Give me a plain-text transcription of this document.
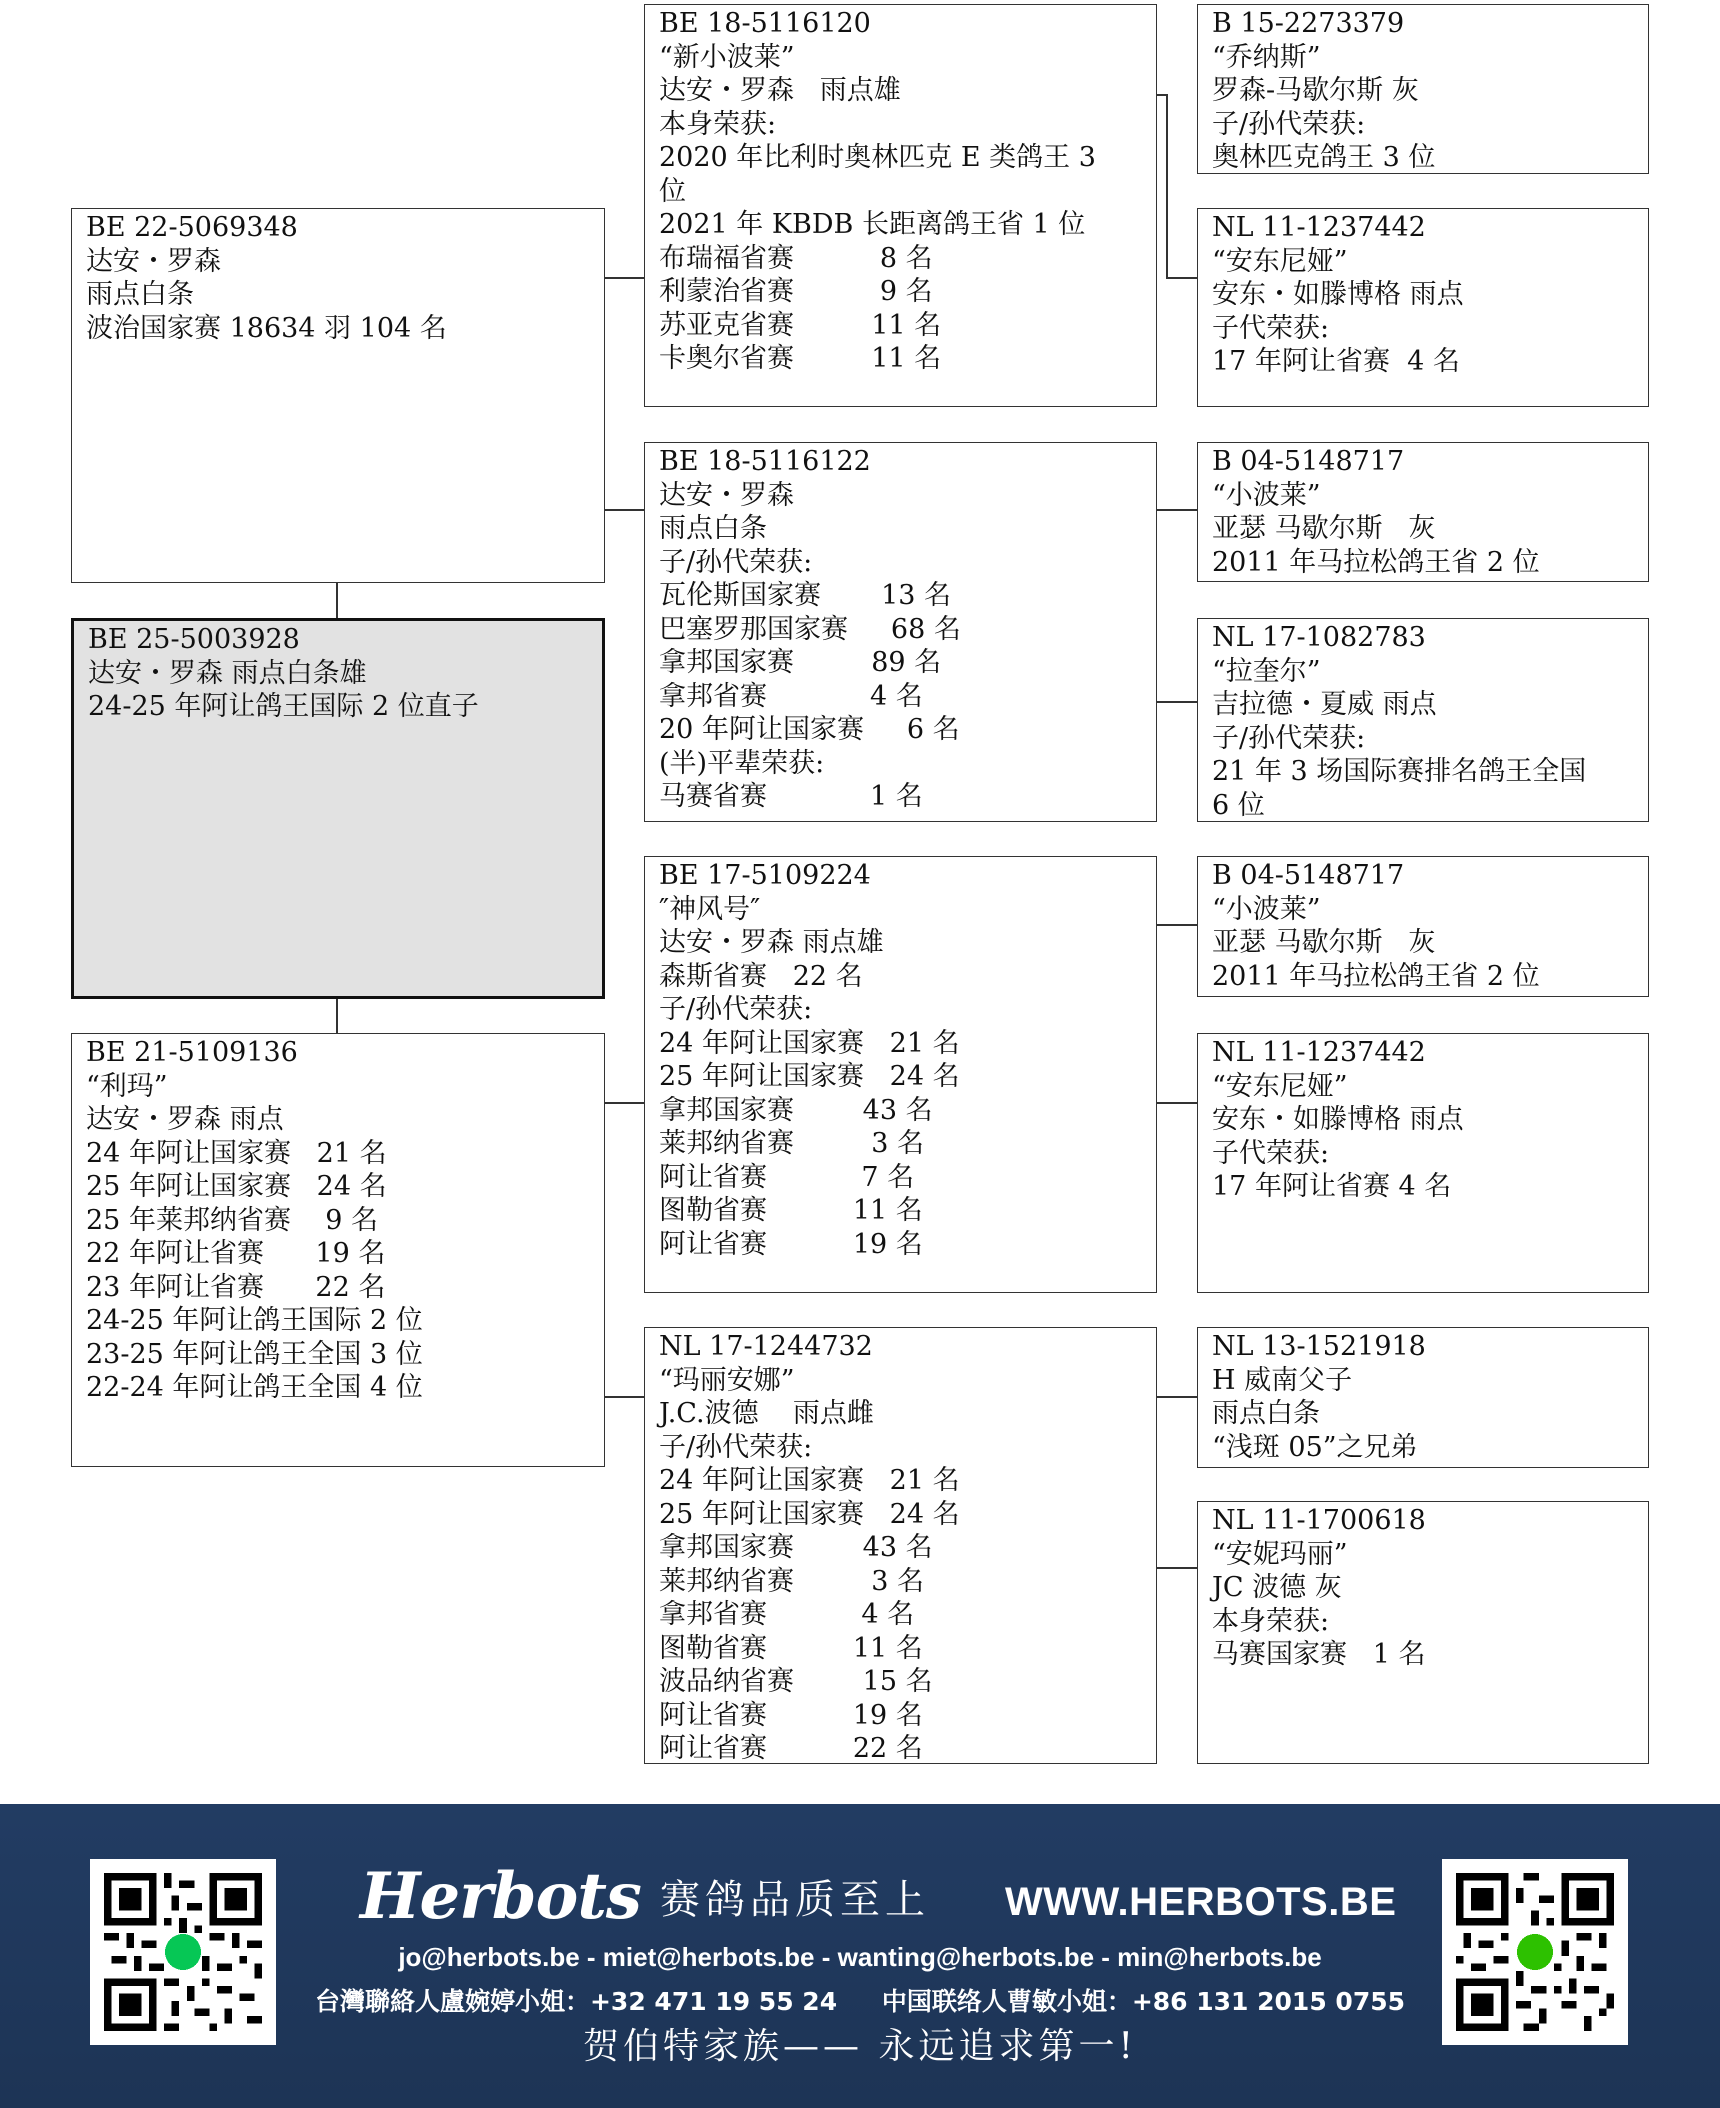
BE 22-5069348
达安・罗森
雨点白条
波治国家赛 18634 羽 104 名
BE 25-5003928
达安・罗森 雨点白条雄
24-25 年阿让鸽王国际 2 位直子
BE 21-5109136
“利玛”
达安・罗森 雨点
24 年阿让国家赛   21 名
25 年阿让国家赛   24 名
25 年莱邦纳省赛    9 名
22 年阿让省赛      19 名
23 年阿让省赛      22 名
24-25 年阿让鸽王国际 2 位
23-25 年阿让鸽王全国 3 位
22-24 年阿让鸽王全国 4 位
BE 18-5116120
“新小波莱”
达安・罗森   雨点雄
本身荣获:
2020 年比利时奥林匹克 E 类鸽王 3
位
2021 年 KBDB 长距离鸽王省 1 位
布瑞福省赛          8 名
利蒙治省赛          9 名
苏亚克省赛         11 名
卡奥尔省赛         11 名
BE 18-5116122
达安・罗森
雨点白条
子/孙代荣获:
瓦伦斯国家赛       13 名
巴塞罗那国家赛     68 名
拿邦国家赛         89 名
拿邦省赛            4 名
20 年阿让国家赛     6 名
(半)平辈荣获:
马赛省赛            1 名
BE 17-5109224
″神风号″
达安・罗森 雨点雄
森斯省赛   22 名
子/孙代荣获:
24 年阿让国家赛   21 名
25 年阿让国家赛   24 名
拿邦国家赛        43 名
莱邦纳省赛         3 名
阿让省赛           7 名
图勒省赛          11 名
阿让省赛          19 名
NL 17-1244732
“玛丽安娜”
J.C.波德    雨点雌
子/孙代荣获:
24 年阿让国家赛   21 名
25 年阿让国家赛   24 名
拿邦国家赛        43 名
莱邦纳省赛         3 名
拿邦省赛           4 名
图勒省赛          11 名
波品纳省赛        15 名
阿让省赛          19 名
阿让省赛          22 名
B 15-2273379
“乔纳斯”
罗森-马歇尔斯 灰
子/孙代荣获:
奥林匹克鸽王 3 位
NL 11-1237442
“安东尼娅”
安东・如滕博格 雨点
子代荣获:
17 年阿让省赛  4 名
B 04-5148717
“小波莱”
亚瑟 马歇尔斯   灰
2011 年马拉松鸽王省 2 位
NL 17-1082783
“拉奎尔”
吉拉德・夏威 雨点
子/孙代荣获:
21 年 3 场国际赛排名鸽王全国
6 位
B 04-5148717
“小波莱”
亚瑟 马歇尔斯   灰
2011 年马拉松鸽王省 2 位
NL 11-1237442
“安东尼娅”
安东・如滕博格 雨点
子代荣获:
17 年阿让省赛 4 名
NL 13-1521918
H 威南父子
雨点白条
“浅斑 05”之兄弟
NL 11-1700618
“安妮玛丽”
JC 波德 灰
本身荣获:
马赛国家赛   1 名
Herbots 赛鸽品质至上 WWW.HERBOTS.BE
jo@herbots.be - miet@herbots.be - wanting@herbots.be - min@herbots.be
台灣聯絡人盧婉婷小姐：+32 471 19 55 24 中国联络人曹敏小姐：+86 131 2015 0755
贺伯特家族—— 永远追求第一!
